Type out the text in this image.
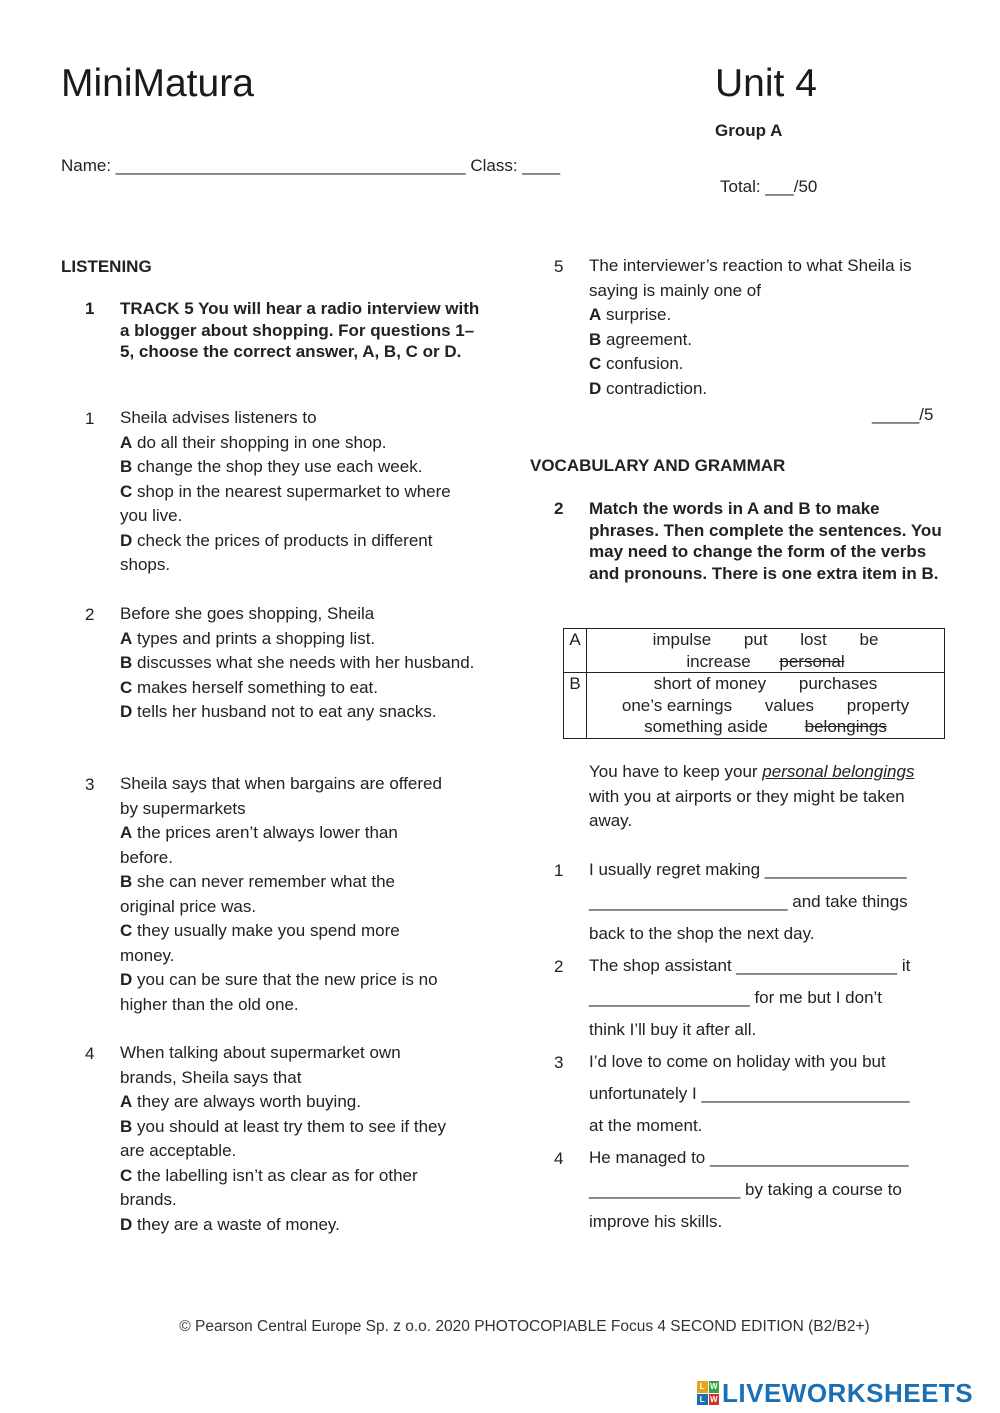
MiniMatura	Unit 4
Group A
Name: _____________________________________ Class: ____
Total: ___/50
LISTENING
1 TRACK 5 You will hear a radio interview with a blogger about shopping. For questions 1–5, choose the correct answer, A, B, C or D.
1 Sheila advises listeners to
A do all their shopping in one shop.
B change the shop they use each week.
C shop in the nearest supermarket to where you live.
D check the prices of products in different shops.
2 Before she goes shopping, Sheila
A types and prints a shopping list.
B discusses what she needs with her husband.
C makes herself something to eat.
D tells her husband not to eat any snacks.
3 Sheila says that when bargains are offered by supermarkets
A the prices aren’t always lower than before.
B she can never remember what the original price was.
C they usually make you spend more money.
D you can be sure that the new price is no higher than the old one.
4 When talking about supermarket own brands, Sheila says that
A they are always worth buying.
B you should at least try them to see if they are acceptable.
C the labelling isn’t as clear as for other brands.
D they are a waste of money.
5 The interviewer’s reaction to what Sheila is saying is mainly one of
A surprise.
B agreement.
C confusion.
D contradiction.
_____/5
VOCABULARY AND GRAMMAR
2 Match the words in A and B to make phrases. Then complete the sentences. You may need to change the form of the verbs and pronouns. There is one extra item in B.
A	impulse put lost be
increase personal

B	short of money purchases
one’s earnings values property
something aside belongings
You have to keep your personal belongings with you at airports or they might be taken away.
1 I usually regret making _______________
_____________________ and take things
back to the shop the next day.
2 The shop assistant _________________ it
_________________ for me but I don’t
think I’ll buy it after all.
3 I’d love to come on holiday with you but
unfortunately I ______________________
at the moment.
4 He managed to _____________________
________________ by taking a course to
improve his skills.
© Pearson Central Europe Sp. z o.o. 2020 PHOTOCOPIABLE Focus 4 SECOND EDITION (B2/B2+)
L W
L W LIVEWORKSHEETS
